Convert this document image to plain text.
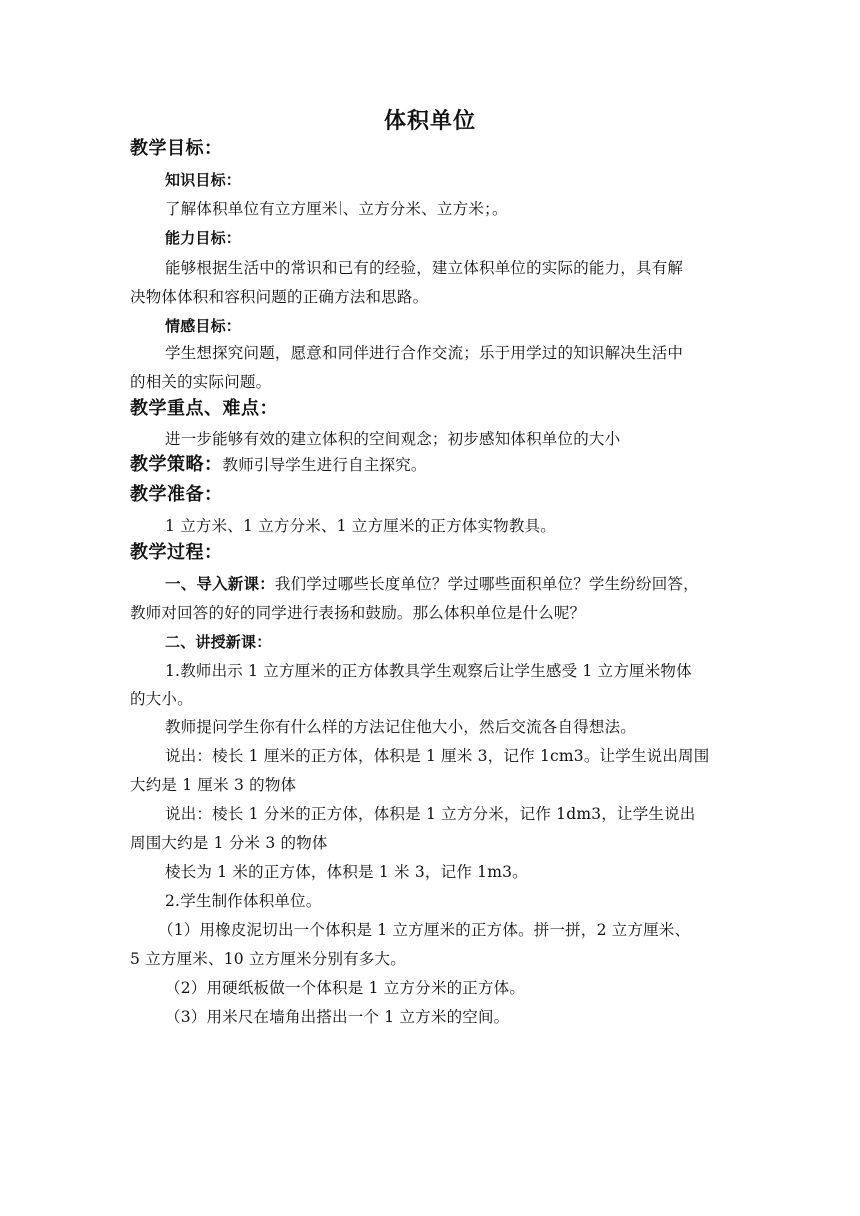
体积单位
教学目标：
知识目标：
了解体积单位有立方厘米 、立方分米、立方米；。
能力目标：
能够根据生活中的常识和已有的经验，建立体积单位的实际的能力，具有解
决物体体积和容积问题的正确方法和思路。
情感目标：
学生想探究问题，愿意和同伴进行合作交流；乐于用学过的知识解决生活中
的相关的实际问题。
教学重点、难点：
进一步能够有效的建立体积的空间观念；初步感知体积单位的大小
教学策略：教师引导学生进行自主探究。
教学准备：
1 立方米、1 立方分米、1 立方厘米的正方体实物教具。
教学过程：
一、导入新课：我们学过哪些长度单位？学过哪些面积单位？学生纷纷回答，
教师对回答的好的同学进行表扬和鼓励。那么体积单位是什么呢？
二、讲授新课：
1.教师出示 1 立方厘米的正方体教具学生观察后让学生感受 1 立方厘米物体
的大小。
教师提问学生你有什么样的方法记住他大小，然后交流各自得想法。
说出：棱长 1 厘米的正方体，体积是 1 厘米 3，记作 1cm3。让学生说出周围
大约是 1 厘米 3 的物体
说出：棱长 1 分米的正方体，体积是 1 立方分米，记作 1dm3，让学生说出
周围大约是 1 分米 3 的物体
棱长为 1 米的正方体，体积是 1 米 3，记作 1m3。
2.学生制作体积单位。
（1）用橡皮泥切出一个体积是 1 立方厘米的正方体。拼一拼，2 立方厘米、
5 立方厘米、10 立方厘米分别有多大。
（2）用硬纸板做一个体积是 1 立方分米的正方体。
（3）用米尺在墙角出搭出一个 1 立方米的空间。
